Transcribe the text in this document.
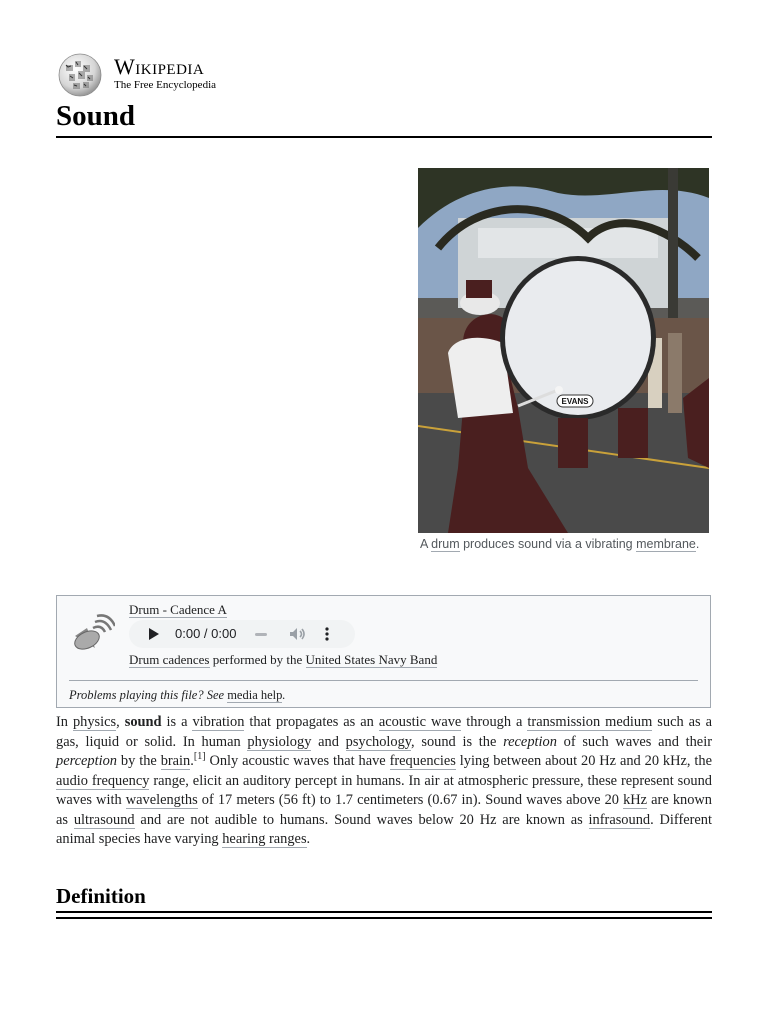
Wikipedia
The Free Encyclopedia
Sound
EVANS
A drum produces sound via a vibrating membrane.
Drum - Cadence A
0:00 / 0:00
Drum cadences performed by the United States Navy Band
Problems playing this file? See media help.

In physics, sound is a vibration that propagates as an acoustic wave through a transmission medium such as a gas, liquid or solid. In human physiology and psychology, sound is the reception of such waves and their perception by the brain.[1] Only acoustic waves that have frequencies lying between about 20 Hz and 20 kHz, the audio frequency range, elicit an auditory percept in humans. In air at atmospheric pressure, these represent sound waves with wavelengths of 17 meters (56 ft) to 1.7 centimeters (0.67 in). Sound waves above 20 kHz are known as ultrasound and are not audible to humans. Sound waves below 20 Hz are known as infrasound. Different animal species have varying hearing ranges.

Definition
